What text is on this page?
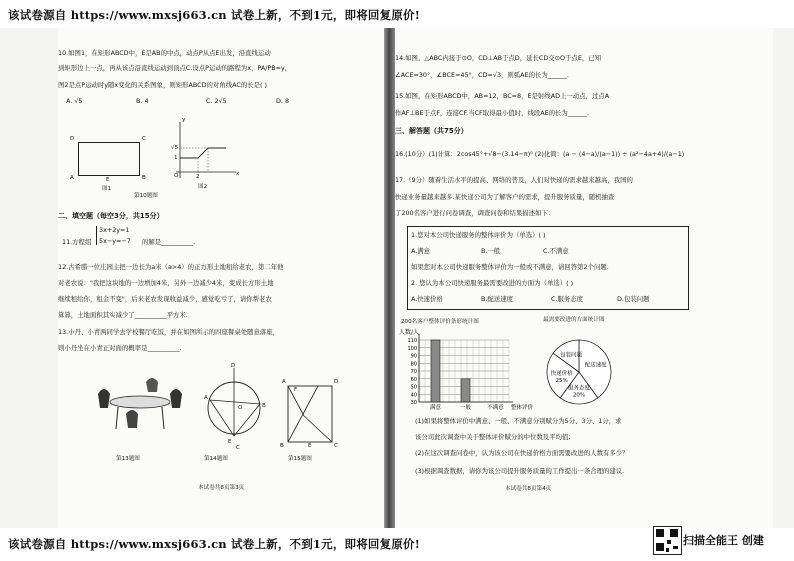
该试卷源自 https://www.mxsj663.cn 试卷上新，不到1元，即将回复原价!
10.如图1，在矩形ABCD中，E是AB的中点，动点P从点E出发，沿直线运动
到矩形边上一点，再从该点沿直线运动到顶点C.设点P运动的路程为x，PA/PB=y，
图2是点P运动时y随x变化的关系图象，则矩形ABCD的对角线AC的长是( )
A. √5	B. 4	C. 2√5	D. 8
D	C
A	E	B
图1
y
√5
1
O	2	x
图2
第10题图
二、填空题（每空3分，共15分）
11.方程组
3x+2y=1
5x−y=−7 的解是__________.
12.古希腊一位庄园主把一边长为a米（a>4）的正方形土地租给老农，第二年他
对老农说："我把这块地的一边增加4米，另外一边减少4米，变成长方形土地
继续租给你，租金不变"，后来老农发现收益减少，感觉吃亏了，请你帮老农
算算，土地面积其实减少了__________平方米.
13.小丹、小青两同学去学校餐厅吃饭，并在如图所示的四座餐桌处随意落座，
则小丹坐在小青正对面的概率是__________.
第13题图
D
A
O
E
B
C
第14题图
A
F
D
B	E	C
第15题图
本试卷共8页第3页
14.如图，△ABC内接于⊙O，CD⊥AB于点D，延长CD交⊙O于点E，已知
∠ACE=30°，∠BCE=45°，CD=√3，则弧AE的长为______.
15.如图，在矩形ABCD中，AB=12，BC=8，E是射线AD上一动点，过点A
作AF⊥BE于点F，连接CF.当CF取得最小值时，线段AE的长为______.
三、解答题（共75分）
16.(10分）(1)计算：2cos45°+√8−(3.14−π)⁰ (2)化简：(a − (4−a)/(a−1)) ÷ (a²−4a+4)/(a−1)
17.（9分）随着生活水平的提高、网络的普及，人们对快递的需求越来越高，我国的
快递业务量越来越多.某快递公司为了解客户的需求，提升服务质量，随机抽查
了200名客户进行问卷调查，调查问卷和结果描述如下：
1.您对本公司快递服务的整体评价为（单选）( )
A.满意	B.一般	C.不满意
如果您对本公司快递服务整体评价为一般或不满意，请回答第2个问题.
2. 您认为本公司快递服务最需要改进的方面为（单选）( )
A.快速价格	B.配送速度	C.服务态度	D.包装问题
200名客户整体评价条形统计图
人数/人
30
40
50
60
70
80
90
100
110
满意	一般	不满意 整体评价
最需要改进的方面统计图
配送速度
服务态度
20%
快递价格
25%
包装问题
(1)如果将整体评价中满意、一般、不满意分别赋分为5分、3分、1分，求
该公司此次调查中关于整体评价赋分的中位数及平均值;
(2)在这次调查问卷中，认为该公司在快递价格方面需要改进的人数有多少？
(3)根据调查数据，请你为该公司提升服务质量的工作提出一条合理的建议.
本试卷共8页第4页
该试卷源自 https://www.mxsj663.cn 试卷上新，不到1元，即将回复原价!	扫描全能王 创建
